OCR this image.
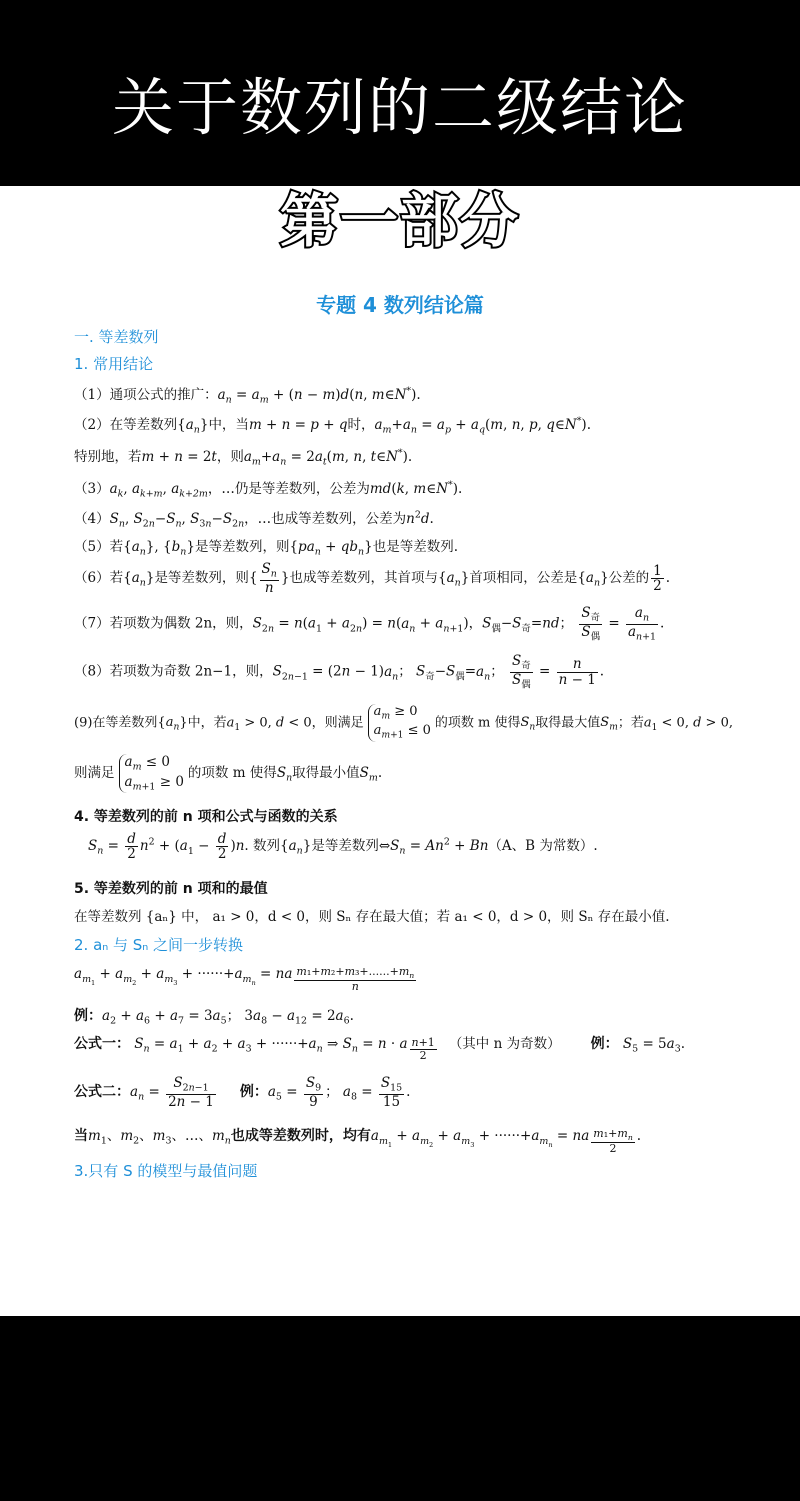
关于数列的二级结论
第一部分
专题 4 数列结论篇
一. 等差数列
1. 常用结论
（1）通项公式的推广：$a_n = a_m + (n - m)d(n$, m∈N*).
（2）在等差数列$\{a_n\}$中，当m + n = p + q时，$a_m+a_n = a_p + a_q(m$, n, p, q∈N*).
特别地，若m + n = 2t，则$a_m+a_n = 2a_t(m$, n, t∈N*).
$(3)a_k$, $a_{k+m}$, $a_{k+2m}$，…仍是等差数列，公差为md(k, m∈N*).
$(4)S_n$, $S_{2n}-S_n$, $S_{3n}-S_{2n}$，…也成等差数列，公差为$n^2d$.
（5）若$\{a_n\}$, $\{b_n\}$是等差数列，则$\{pa_n + qb_n\}$也是等差数列.
（6）若$\{a_n\}$是等差数列，则{ $\frac{S_n}{n}$ }也成等差数列，其首项与$\{a_n\}$首项相同，公差是$\{a_n\}$公差的 $\frac{1}{2}$ .
（7）若项数为偶数 2n，则，$S_{2n} = n(a_1 + a_{2n}) = n(a_n + a_{n+1})$，$S_偶-S_奇=nd$； $\frac{S_奇}{S_偶} = \frac{a_n}{a_{n+1}}$ .
（8）若项数为奇数 2n−1，则，$S_{2n-1} = (2n - 1)a_n$； $S_奇-S_偶=a_n$； $\frac{S_奇}{S_偶} = \frac{n}{n - 1}$ .
(9)在等差数列$\{a_n\}$中，若$a_1 > 0$, d < 0，则满足$a_m \ge 0$
$a_{m+1} \le 0$ 的项数 m 使得$S_n$取得最大值$S_m$；若$a_1 < 0$, d > 0,
则满足$a_m \le 0$
$a_{m+1} \ge 0$的项数 m 使得$S_n$取得最小值$S_m$.
4. 等差数列的前 n 项和公式与函数的关系
$S_n = \frac{d}{2} n^2 + (a_1 - \frac{d}{2} )n$. 数列$\{a_n\}$是等差数列$\Leftrightarrow S_n = An^2 + Bn(A$、B 为常数）.
5. 等差数列的前 n 项和的最值
在等差数列 {aₙ} 中， a₁ > 0，d < 0，则 Sₙ 存在最大值；若 a₁ < 0，d > 0，则 Sₙ 存在最小值.
2. aₙ 与 Sₙ 之间一步转换
$a_{m_1} + a_{m_2} + a_{m_3} + \cdot\cdot\cdot\cdot\cdot\cdot+a_{m_n}$ = na $_{\frac{m_1+m_2+m_3+......+m_n}{n}}$
例：$a_2 + a_6 + a_7 = 3a_5$； $3a_8 - a_{12} = 2a_6$.
公式一： $S_n = a_1 + a_2 + a_3 + \cdot\cdot\cdot\cdot\cdot\cdot+a_n$ ⇒ $S_n = n \cdot a$ $_{\frac{n+1}{2}}$ （其中 n 为奇数） 例： $S_5 = 5a_3$.
公式二：$a_n = \frac{S_{2n-1}}{2n - 1}$ 例：$a_5 = \frac{S_9}{9}$ ； $a_8 = \frac{S_{15}}{15}$ .
当$m_1$、$m_2$、$m_3$、…、$m_n$也成等差数列时，均有$a_{m_1} + a_{m_2} + a_{m_3} + \cdot\cdot\cdot\cdot\cdot\cdot+a_{m_n}$ = na $_{\frac{m_1+m_n}{2}}$ .
3.只有 S 的模型与最值问题
